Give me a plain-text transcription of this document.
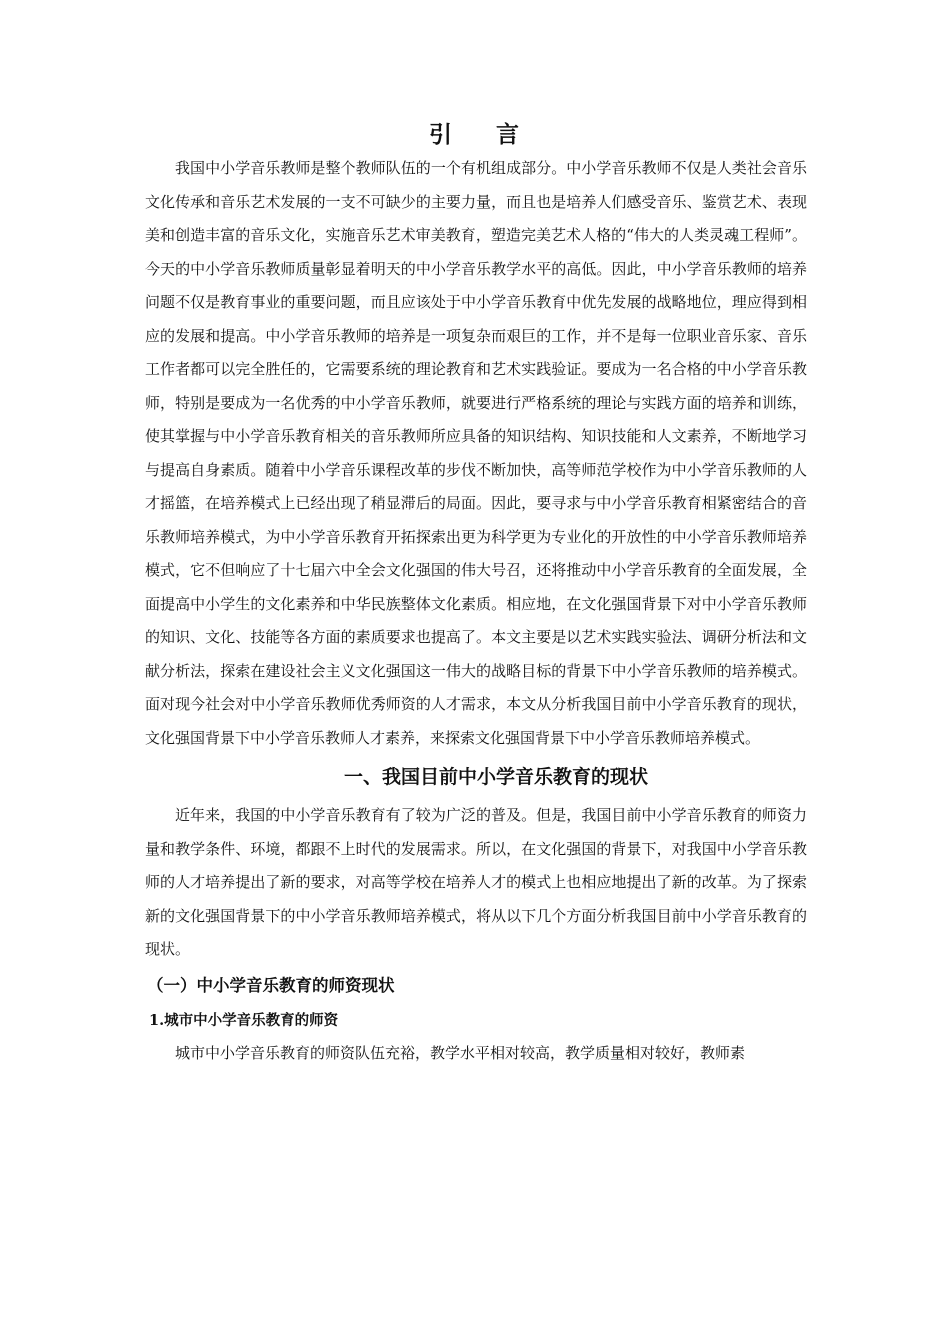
引 言

我国中小学音乐教师是整个教师队伍的一个有机组成部分。中小学音乐教师不仅是人类社会音乐文化传承和音乐艺术发展的一支不可缺少的主要力量，而且也是培养人们感受音乐、鉴赏艺术、表现美和创造丰富的音乐文化，实施音乐艺术审美教育，塑造完美艺术人格的“伟大的人类灵魂工程师”。今天的中小学音乐教师质量彰显着明天的中小学音乐教学水平的高低。因此，中小学音乐教师的培养问题不仅是教育事业的重要问题，而且应该处于中小学音乐教育中优先发展的战略地位，理应得到相应的发展和提高。中小学音乐教师的培养是一项复杂而艰巨的工作，并不是每一位职业音乐家、音乐工作者都可以完全胜任的，它需要系统的理论教育和艺术实践验证。要成为一名合格的中小学音乐教师，特别是要成为一名优秀的中小学音乐教师，就要进行严格系统的理论与实践方面的培养和训练，使其掌握与中小学音乐教育相关的音乐教师所应具备的知识结构、知识技能和人文素养，不断地学习与提高自身素质。随着中小学音乐课程改革的步伐不断加快，高等师范学校作为中小学音乐教师的人才摇篮，在培养模式上已经出现了稍显滞后的局面。因此，要寻求与中小学音乐教育相紧密结合的音乐教师培养模式，为中小学音乐教育开拓探索出更为科学更为专业化的开放性的中小学音乐教师培养模式，它不但响应了十七届六中全会文化强国的伟大号召，还将推动中小学音乐教育的全面发展，全面提高中小学生的文化素养和中华民族整体文化素质。相应地，在文化强国背景下对中小学音乐教师的知识、文化、技能等各方面的素质要求也提高了。本文主要是以艺术实践实验法、调研分析法和文献分析法，探索在建设社会主义文化强国这一伟大的战略目标的背景下中小学音乐教师的培养模式。面对现今社会对中小学音乐教师优秀师资的人才需求，本文从分析我国目前中小学音乐教育的现状，文化强国背景下中小学音乐教师人才素养，来探索文化强国背景下中小学音乐教师培养模式。

一、我国目前中小学音乐教育的现状

近年来，我国的中小学音乐教育有了较为广泛的普及。但是，我国目前中小学音乐教育的师资力量和教学条件、环境，都跟不上时代的发展需求。所以，在文化强国的背景下，对我国中小学音乐教师的人才培养提出了新的要求，对高等学校在培养人才的模式上也相应地提出了新的改革。为了探索新的文化强国背景下的中小学音乐教师培养模式，将从以下几个方面分析我国目前中小学音乐教育的现状。

（一）中小学音乐教育的师资现状
1.城市中小学音乐教育的师资

城市中小学音乐教育的师资队伍充裕，教学水平相对较高，教学质量相对较好，教师素
